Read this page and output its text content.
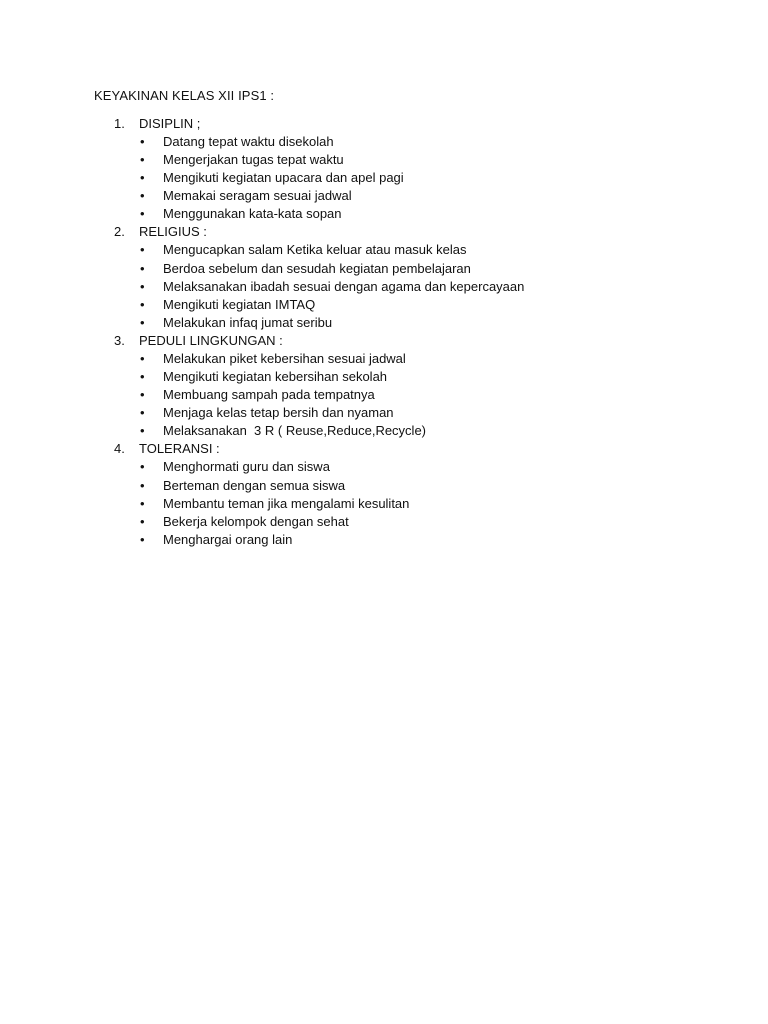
KEYAKINAN KELAS XII IPS1 :
1. DISIPLIN ;
• Datang tepat waktu disekolah
• Mengerjakan tugas tepat waktu
• Mengikuti kegiatan upacara dan apel pagi
• Memakai seragam sesuai jadwal
• Menggunakan kata-kata sopan
2. RELIGIUS :
• Mengucapkan salam Ketika keluar atau masuk kelas
• Berdoa sebelum dan sesudah kegiatan pembelajaran
• Melaksanakan ibadah sesuai dengan agama dan kepercayaan
• Mengikuti kegiatan IMTAQ
• Melakukan infaq jumat seribu
3. PEDULI LINGKUNGAN :
• Melakukan piket kebersihan sesuai jadwal
• Mengikuti kegiatan kebersihan sekolah
• Membuang sampah pada tempatnya
• Menjaga kelas tetap bersih dan nyaman
• Melaksanakan  3 R ( Reuse,Reduce,Recycle)
4. TOLERANSI :
• Menghormati guru dan siswa
• Berteman dengan semua siswa
• Membantu teman jika mengalami kesulitan
• Bekerja kelompok dengan sehat
• Menghargai orang lain
